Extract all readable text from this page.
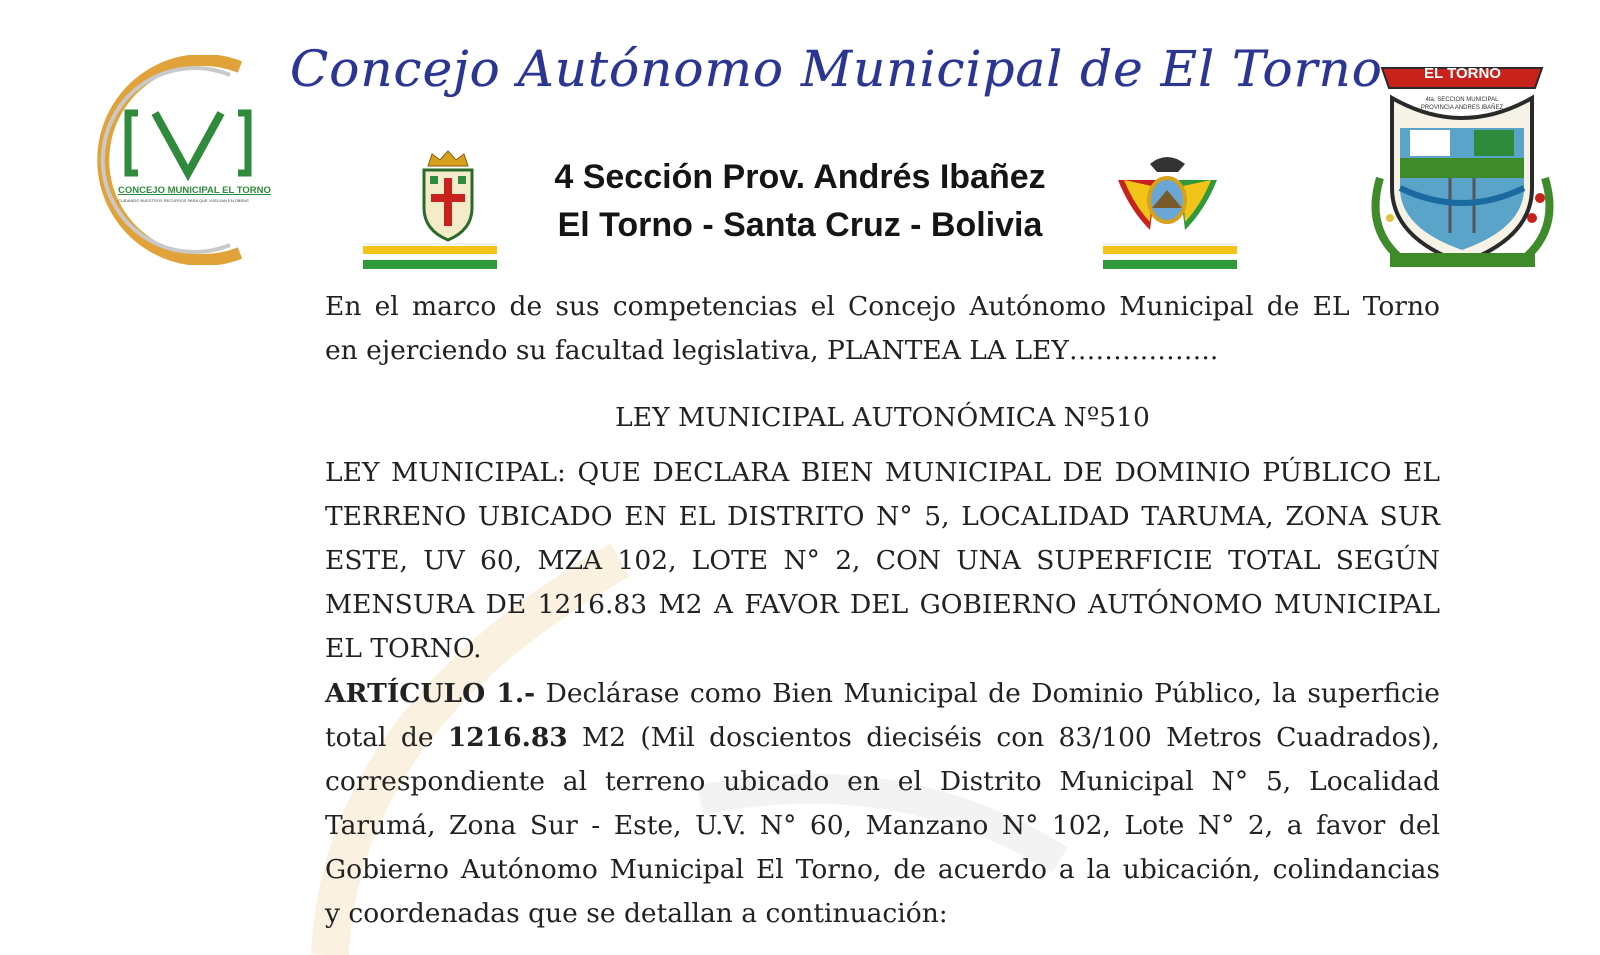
CONCEJO MUNICIPAL EL TORNO
CUIDANDO NUESTROS RECURSOS PARA QUE VUELVAN EN OBRAS
Concejo Autónomo Municipal de El Torno
4 Sección Prov. Andrés Ibañez
El Torno - Santa Cruz - Bolivia
EL TORNO
4ta. SECCION MUNICIPAL PROVINCIA ANDRES IBAÑEZ
En el marco de sus competencias el Concejo Autónomo Municipal de EL Torno
en ejerciendo su facultad legislativa, PLANTEA LA LEY……………..
LEY MUNICIPAL AUTONÓMICA Nº510
LEY MUNICIPAL: QUE DECLARA BIEN MUNICIPAL DE DOMINIO PÚBLICO EL
TERRENO UBICADO EN EL DISTRITO N° 5, LOCALIDAD TARUMA, ZONA SUR
ESTE, UV 60, MZA 102, LOTE N° 2, CON UNA SUPERFICIE TOTAL SEGÚN
MENSURA DE 1216.83 M2 A FAVOR DEL GOBIERNO AUTÓNOMO MUNICIPAL
EL TORNO.
ARTÍCULO 1.- Declárase como Bien Municipal de Dominio Público, la superficie
total de 1216.83 M2 (Mil doscientos dieciséis con 83/100 Metros Cuadrados),
correspondiente al terreno ubicado en el Distrito Municipal N° 5, Localidad
Tarumá, Zona Sur - Este, U.V. N° 60, Manzano N° 102, Lote N° 2, a favor del
Gobierno Autónomo Municipal El Torno, de acuerdo a la ubicación, colindancias
y coordenadas que se detallan a continuación:
